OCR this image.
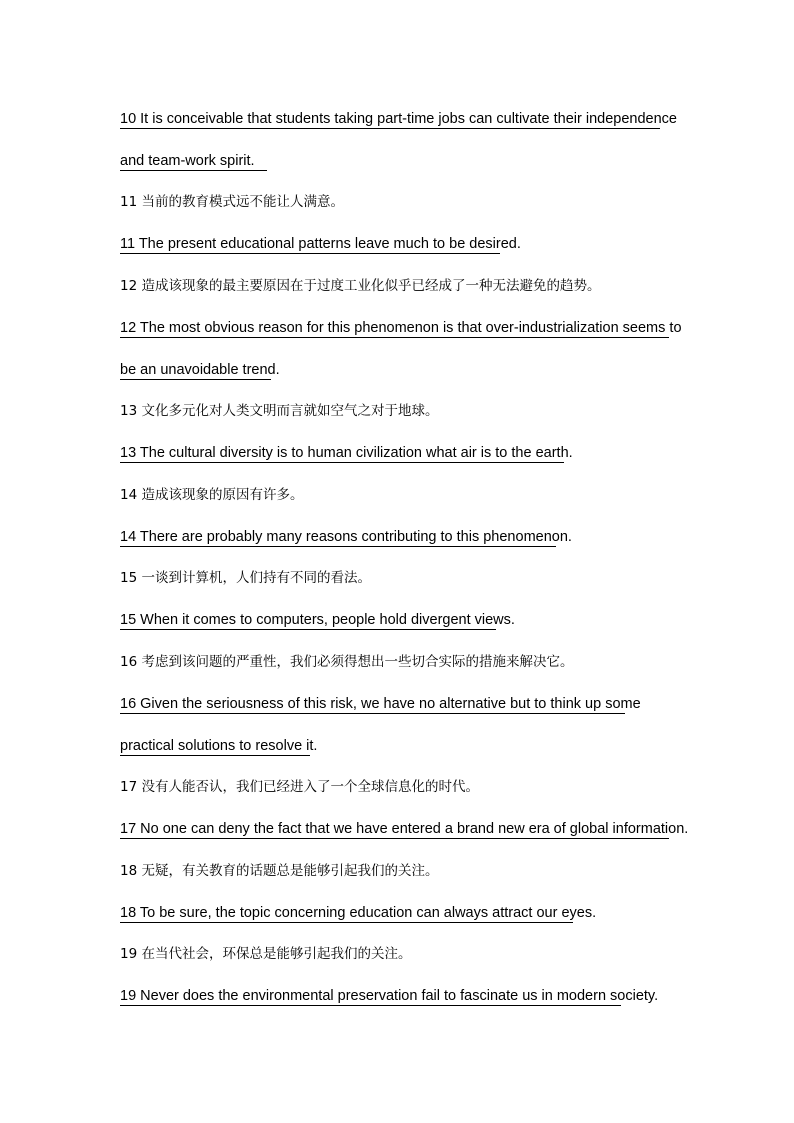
10 It is conceivable that students taking part-time jobs can cultivate their independence
and team-work spirit.
11 当前的教育模式远不能让人满意。
11 The present educational patterns leave much to be desired.
12 造成该现象的最主要原因在于过度工业化似乎已经成了一种无法避免的趋势。
12 The most obvious reason for this phenomenon is that over-industrialization seems to
be an unavoidable trend.
13 文化多元化对人类文明而言就如空气之对于地球。
13 The cultural diversity is to human civilization what air is to the earth.
14 造成该现象的原因有许多。
14 There are probably many reasons contributing to this phenomenon.
15 一谈到计算机，人们持有不同的看法。
15 When it comes to computers, people hold divergent views.
16 考虑到该问题的严重性，我们必须得想出一些切合实际的措施来解决它。
16 Given the seriousness of this risk, we have no alternative but to think up some
practical solutions to resolve it.
17 没有人能否认，我们已经进入了一个全球信息化的时代。
17 No one can deny the fact that we have entered a brand new era of global information.
18 无疑，有关教育的话题总是能够引起我们的关注。
18 To be sure, the topic concerning education can always attract our eyes.
19 在当代社会，环保总是能够引起我们的关注。
19 Never does the environmental preservation fail to fascinate us in modern society.
